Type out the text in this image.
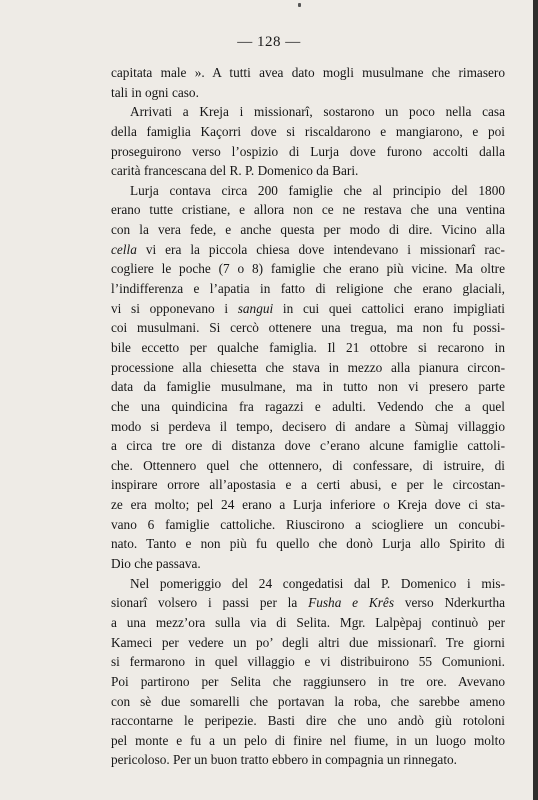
— 128 —
capitata male ». A tutti avea dato mogli musulmane che rimasero
tali in ogni caso.
Arrivati a Kreja i missionarî, sostarono un poco nella casa
della famiglia Kaçorri dove si riscaldarono e mangiarono, e poi
proseguirono verso l’ospizio di Lurja dove furono accolti dalla
carità francescana del R. P. Domenico da Bari.
Lurja contava circa 200 famiglie che al principio del 1800
erano tutte cristiane, e allora non ce ne restava che una ventina
con la vera fede, e anche questa per modo di dire. Vicino alla
cella vi era la piccola chiesa dove intendevano i missionarî rac-
cogliere le poche (7 o 8) famiglie che erano più vicine. Ma oltre
l’indifferenza e l’apatia in fatto di religione che erano glaciali,
vi si opponevano i sangui in cui quei cattolici erano impigliati
coi musulmani. Si cercò ottenere una tregua, ma non fu possi-
bile eccetto per qualche famiglia. Il 21 ottobre si recarono in
processione alla chiesetta che stava in mezzo alla pianura circon-
data da famiglie musulmane, ma in tutto non vi presero parte
che una quindicina fra ragazzi e adulti. Vedendo che a quel
modo si perdeva il tempo, decisero di andare a Sùmaj villaggio
a circa tre ore di distanza dove c’erano alcune famiglie cattoli-
che. Ottennero quel che ottennero, di confessare, di istruire, di
inspirare orrore all’apostasia e a certi abusi, e per le circostan-
ze era molto; pel 24 erano a Lurja inferiore o Kreja dove ci sta-
vano 6 famiglie cattoliche. Riuscirono a sciogliere un concubi-
nato. Tanto e non più fu quello che donò Lurja allo Spirito di
Dio che passava.
Nel pomeriggio del 24 congedatisi dal P. Domenico i mis-
sionarî volsero i passi per la Fusha e Krês verso Nderkurtha
a una mezz’ora sulla via di Selita. Mgr. Lalpèpaj continuò per
Kameci per vedere un po’ degli altri due missionarî. Tre giorni
si fermarono in quel villaggio e vi distribuirono 55 Comunioni.
Poi partirono per Selita che raggiunsero in tre ore. Avevano
con sè due somarelli che portavan la roba, che sarebbe ameno
raccontarne le peripezie. Basti dire che uno andò giù rotoloni
pel monte e fu a un pelo di finire nel fiume, in un luogo molto
pericoloso. Per un buon tratto ebbero in compagnia un rinnegato.
